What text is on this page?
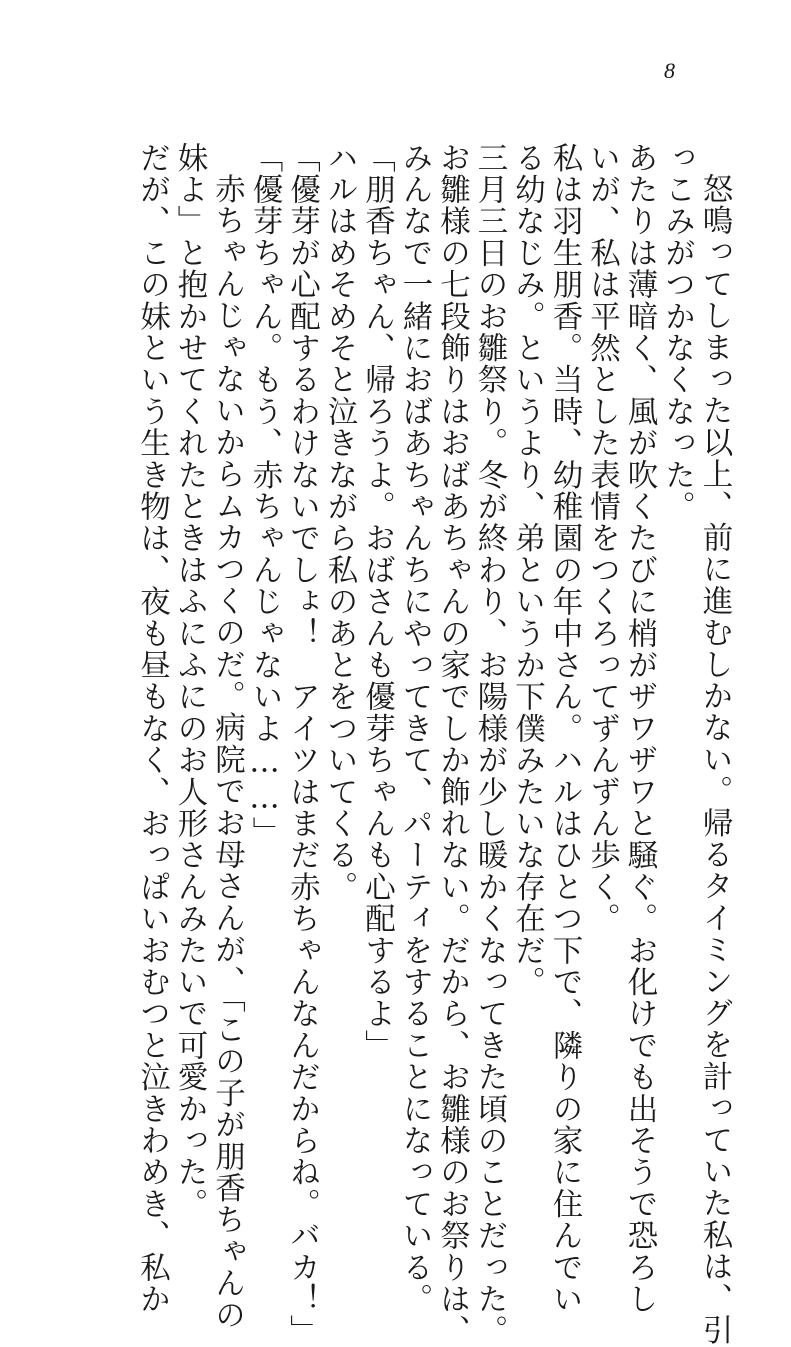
8

怒鳴ってしまった以上、前に進むしかない。帰るタイミングを計っていた私は、引

っこみがつかなくなった。

あたりは薄暗く、風が吹くたびに梢がザワザワと騒ぐ。お化けでも出そうで恐ろし

いが、私は平然とした表情をつくろってずんずん歩く。

私は羽生朋香。当時、幼稚園の年中さん。ハルはひとつ下で、隣りの家に住んでい

る幼なじみ。というより、弟というか下僕みたいな存在だ。

三月三日のお雛祭り。冬が終わり、お陽様が少し暖かくなってきた頃のことだった。

お雛様の七段飾りはおばあちゃんの家でしか飾れない。だから、お雛様のお祭りは、

みんなで一緒におばあちゃんちにやってきて、パーティをすることになっている。

「朋香ちゃん、帰ろうよ。おばさんも優芽ちゃんも心配するよ」

ハルはめそめそと泣きながら私のあとをついてくる。

「優芽が心配するわけないでしょ！　アイツはまだ赤ちゃんなんだからね。バカ！」

「優芽ちゃん。もう、赤ちゃんじゃないよ……」

赤ちゃんじゃないからムカつくのだ。病院でお母さんが、「この子が朋香ちゃんの

妹よ」と抱かせてくれたときはふにふにのお人形さんみたいで可愛かった。

だが、この妹という生き物は、夜も昼もなく、おっぱいおむつと泣きわめき、私か
